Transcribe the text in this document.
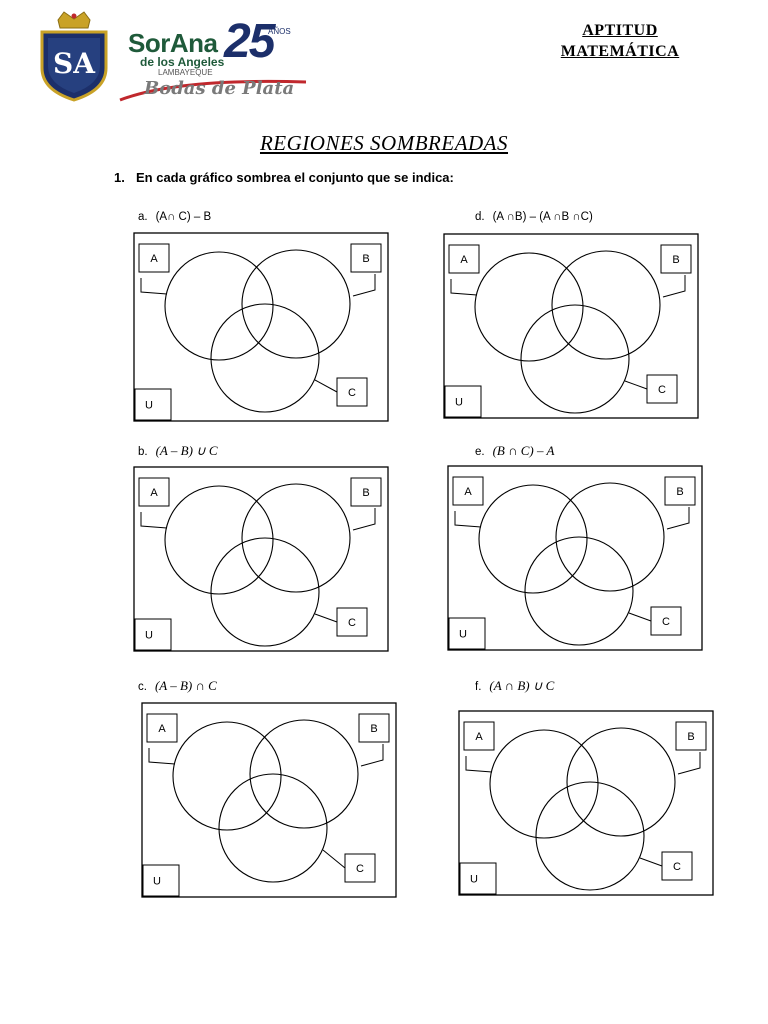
SA
SorAna
de los Angeles
LAMBAYEQUE
25
AÑOS
Bodas de Plata
APTITUD
MATEMÁTICA
REGIONES SOMBREADAS
1. En cada gráfico sombrea el conjunto que se indica:
a. (A∩ C) – B	d. (A ∩B) – (A ∩B ∩C)
b. (A – B) ∪ C	e. (B ∩ C) – A
c. (A – B) ∩ C	f. (A ∩ B) ∪ C
A	B
C
U
A	B
C
U
A	B
C
U
A	B
C
U
A	B
C
U
A	B
C
U
